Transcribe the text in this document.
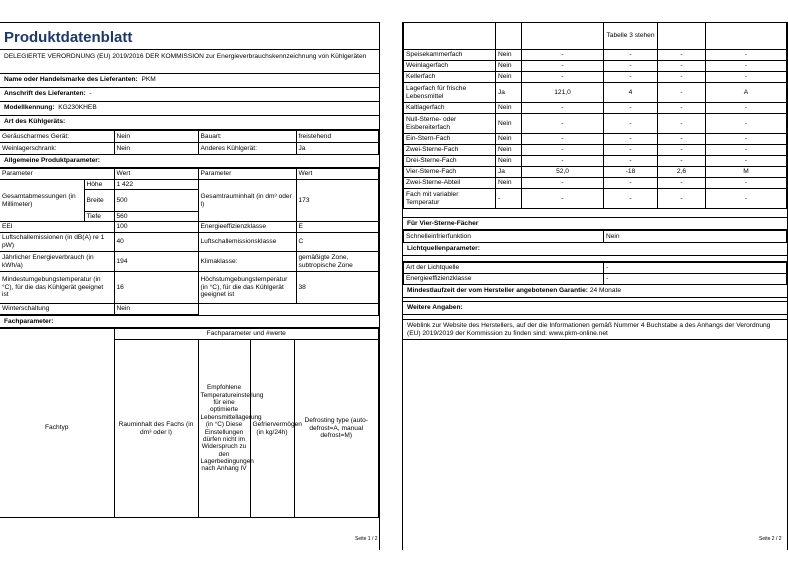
Produktdatenblatt
DELEGIERTE VERORDNUNG (EU) 2019/2016 DER KOMMISSION zur Energieverbrauchskennzeichnung von Kühlgeräten
Name oder Handelsmarke des Lieferanten: PKM
Anschrift des Lieferanten: -
Modellkennung: KG230KHEB
Art des Kühlgeräts:
Geräuscharmes Gerät:	Nein	Bauart:	freistehend
Weinlagerschrank:	Nein	Anderes Kühlgerät:	Ja
Allgemeine Produktparameter:
Parameter		Wert	Parameter	Wert
Gesamtabmessungen (in Millimeter)	Höhe	1 422	Gesamtrauminhalt (in dm³ oder l)	173
	Breite	500		
	Tiefe	560		
EEI		100	Energieeffizienzklasse	E
Luftschallemissionen (in dB(A) re 1 pW)		40	Luftschallemissionsklasse	C
Jährlicher Energieverbrauch (in kWh/a)		194	Klimaklasse:	gemäßigte Zone, subtropische Zone
Mindestumgebungstemperatur (in °C), für die das Kühlgerät geeignet ist		16	Höchstumgebungstemperatur (in °C), für die das Kühlgerät geeignet ist	38
Winterschaltung		Nein		
Fachparameter:
	Fachparameter und #werte			
Fachtyp	Rauminhalt des Fachs (in dm³ oder l)	Empfohlene Temperatureinstellung für eine optimierte Lebensmittellagerung (in °C) Diese Einstellungen dürfen nicht im Widerspruch zu den Lagerbedingungen nach Anhang IV	Gefriervermögen (in kg/24h)	Defrosting type (auto-defrost=A, manual defrost=M)
Seite 1 / 2
			Tabelle 3 stehen		
Speisekammerfach	Nein	-	-	-	-
Weinlagerfach	Nein	-	-	-	-
Kellerfach	Nein	-	-	-	-
Lagerfach für frische Lebensmittel	Ja	121,0	4	-	A
Kaltlagerfach	Nein	-	-	-	-
Null-Sterne- oder Eisbereiterfach	Nein	-	-	-	-
Ein-Stern-Fach	Nein	-	-	-	-
Zwei-Sterne-Fach	Nein	-	-	-	-
Drei-Sterne-Fach	Nein	-	-	-	-
Vier-Sterne-Fach	Ja	52,0	-18	2,6	M
Zwei-Sterne-Abteil	Nein	-	-	-	-
Fach mit variabler Temperatur	-	-	-	-	-
Für Vier-Sterne-Fächer
Schnelleinfrierfunktion	Nein
Lichtquellenparameter:
Art der Lichtquelle	-
Energieeffizienzklasse	-
Mindestlaufzeit der vom Hersteller angebotenen Garantie: 24 Monate
Weitere Angaben:
Weblink zur Website des Herstellers, auf der die Informationen gemäß Nummer 4 Buchstabe a des Anhangs der Verordnung (EU) 2019/2019 der Kommission zu finden sind: www.pkm-online.net
Seite 2 / 2
